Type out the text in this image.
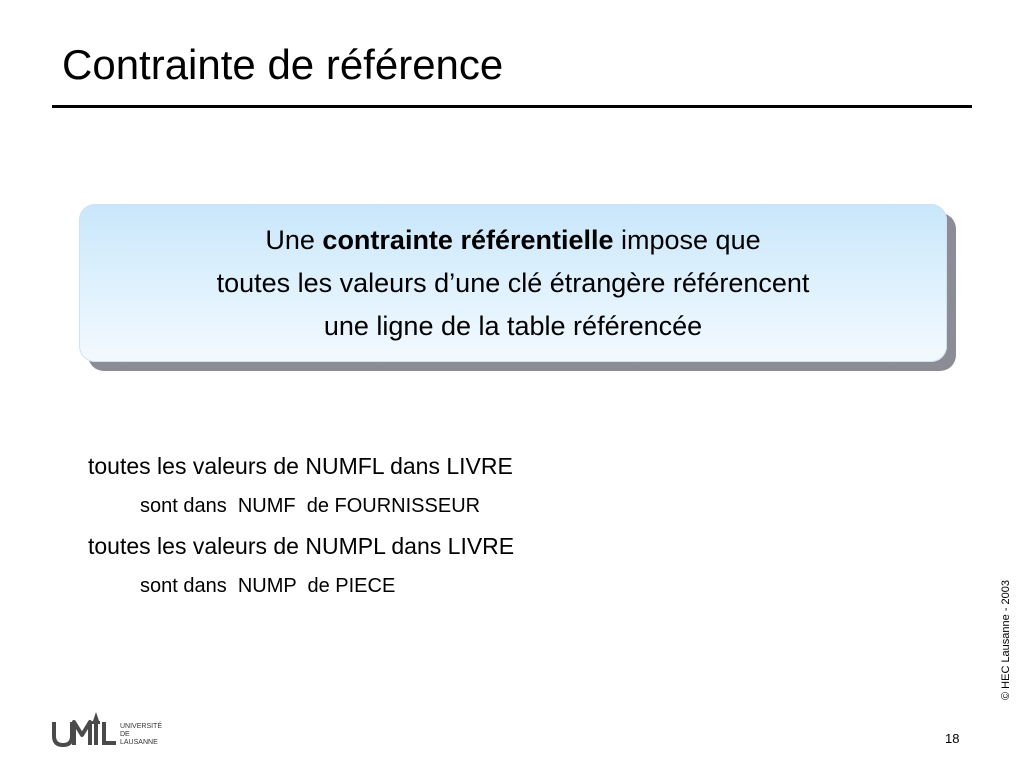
Contrainte de référence
Une contrainte référentielle impose que
toutes les valeurs d’une clé étrangère référencent
une ligne de la table référencée
toutes les valeurs de NUMFL dans LIVRE
sont dans  NUMF  de FOURNISSEUR
toutes les valeurs de NUMPL dans LIVRE
sont dans  NUMP  de PIECE
UNIVERSITÉ
DE
LAUSANNE	18
© HEC Lausanne - 2003
